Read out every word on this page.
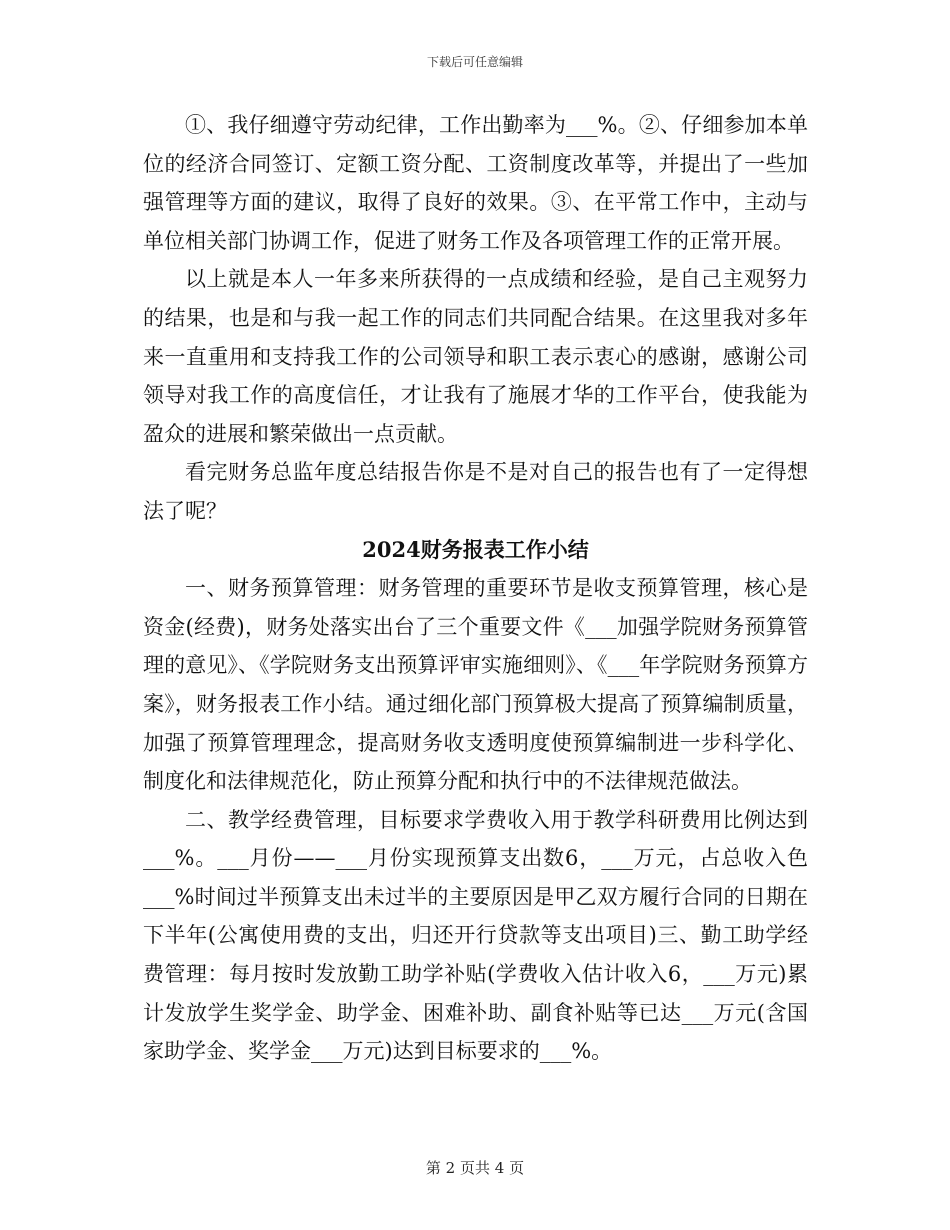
下载后可任意编辑

①、我仔细遵守劳动纪律，工作出勤率为___%。②、仔细参加本单位的经济合同签订、定额工资分配、工资制度改革等，并提出了一些加强管理等方面的建议，取得了良好的效果。③、在平常工作中，主动与单位相关部门协调工作，促进了财务工作及各项管理工作的正常开展。

以上就是本人一年多来所获得的一点成绩和经验，是自己主观努力的结果，也是和与我一起工作的同志们共同配合结果。在这里我对多年来一直重用和支持我工作的公司领导和职工表示衷心的感谢，感谢公司领导对我工作的高度信任，才让我有了施展才华的工作平台，使我能为盈众的进展和繁荣做出一点贡献。

看完财务总监年度总结报告你是不是对自己的报告也有了一定得想法了呢？

2024财务报表工作小结

一、财务预算管理：财务管理的重要环节是收支预算管理，核心是资金(经费)，财务处落实出台了三个重要文件《___加强学院财务预算管理的意见》、《学院财务支出预算评审实施细则》、《___年学院财务预算方案》，财务报表工作小结。通过细化部门预算极大提高了预算编制质量，加强了预算管理理念，提高财务收支透明度使预算编制进一步科学化、制度化和法律规范化，防止预算分配和执行中的不法律规范做法。

二、教学经费管理，目标要求学费收入用于教学科研费用比例达到___%。___月份——___月份实现预算支出数6，___万元，占总收入色___%时间过半预算支出未过半的主要原因是甲乙双方履行合同的日期在下半年(公寓使用费的支出，归还开行贷款等支出项目)三、勤工助学经费管理：每月按时发放勤工助学补贴(学费收入估计收入6，___万元)累计发放学生奖学金、助学金、困难补助、副食补贴等已达___万元(含国家助学金、奖学金___万元)达到目标要求的___%。

第 2 页共 4 页
